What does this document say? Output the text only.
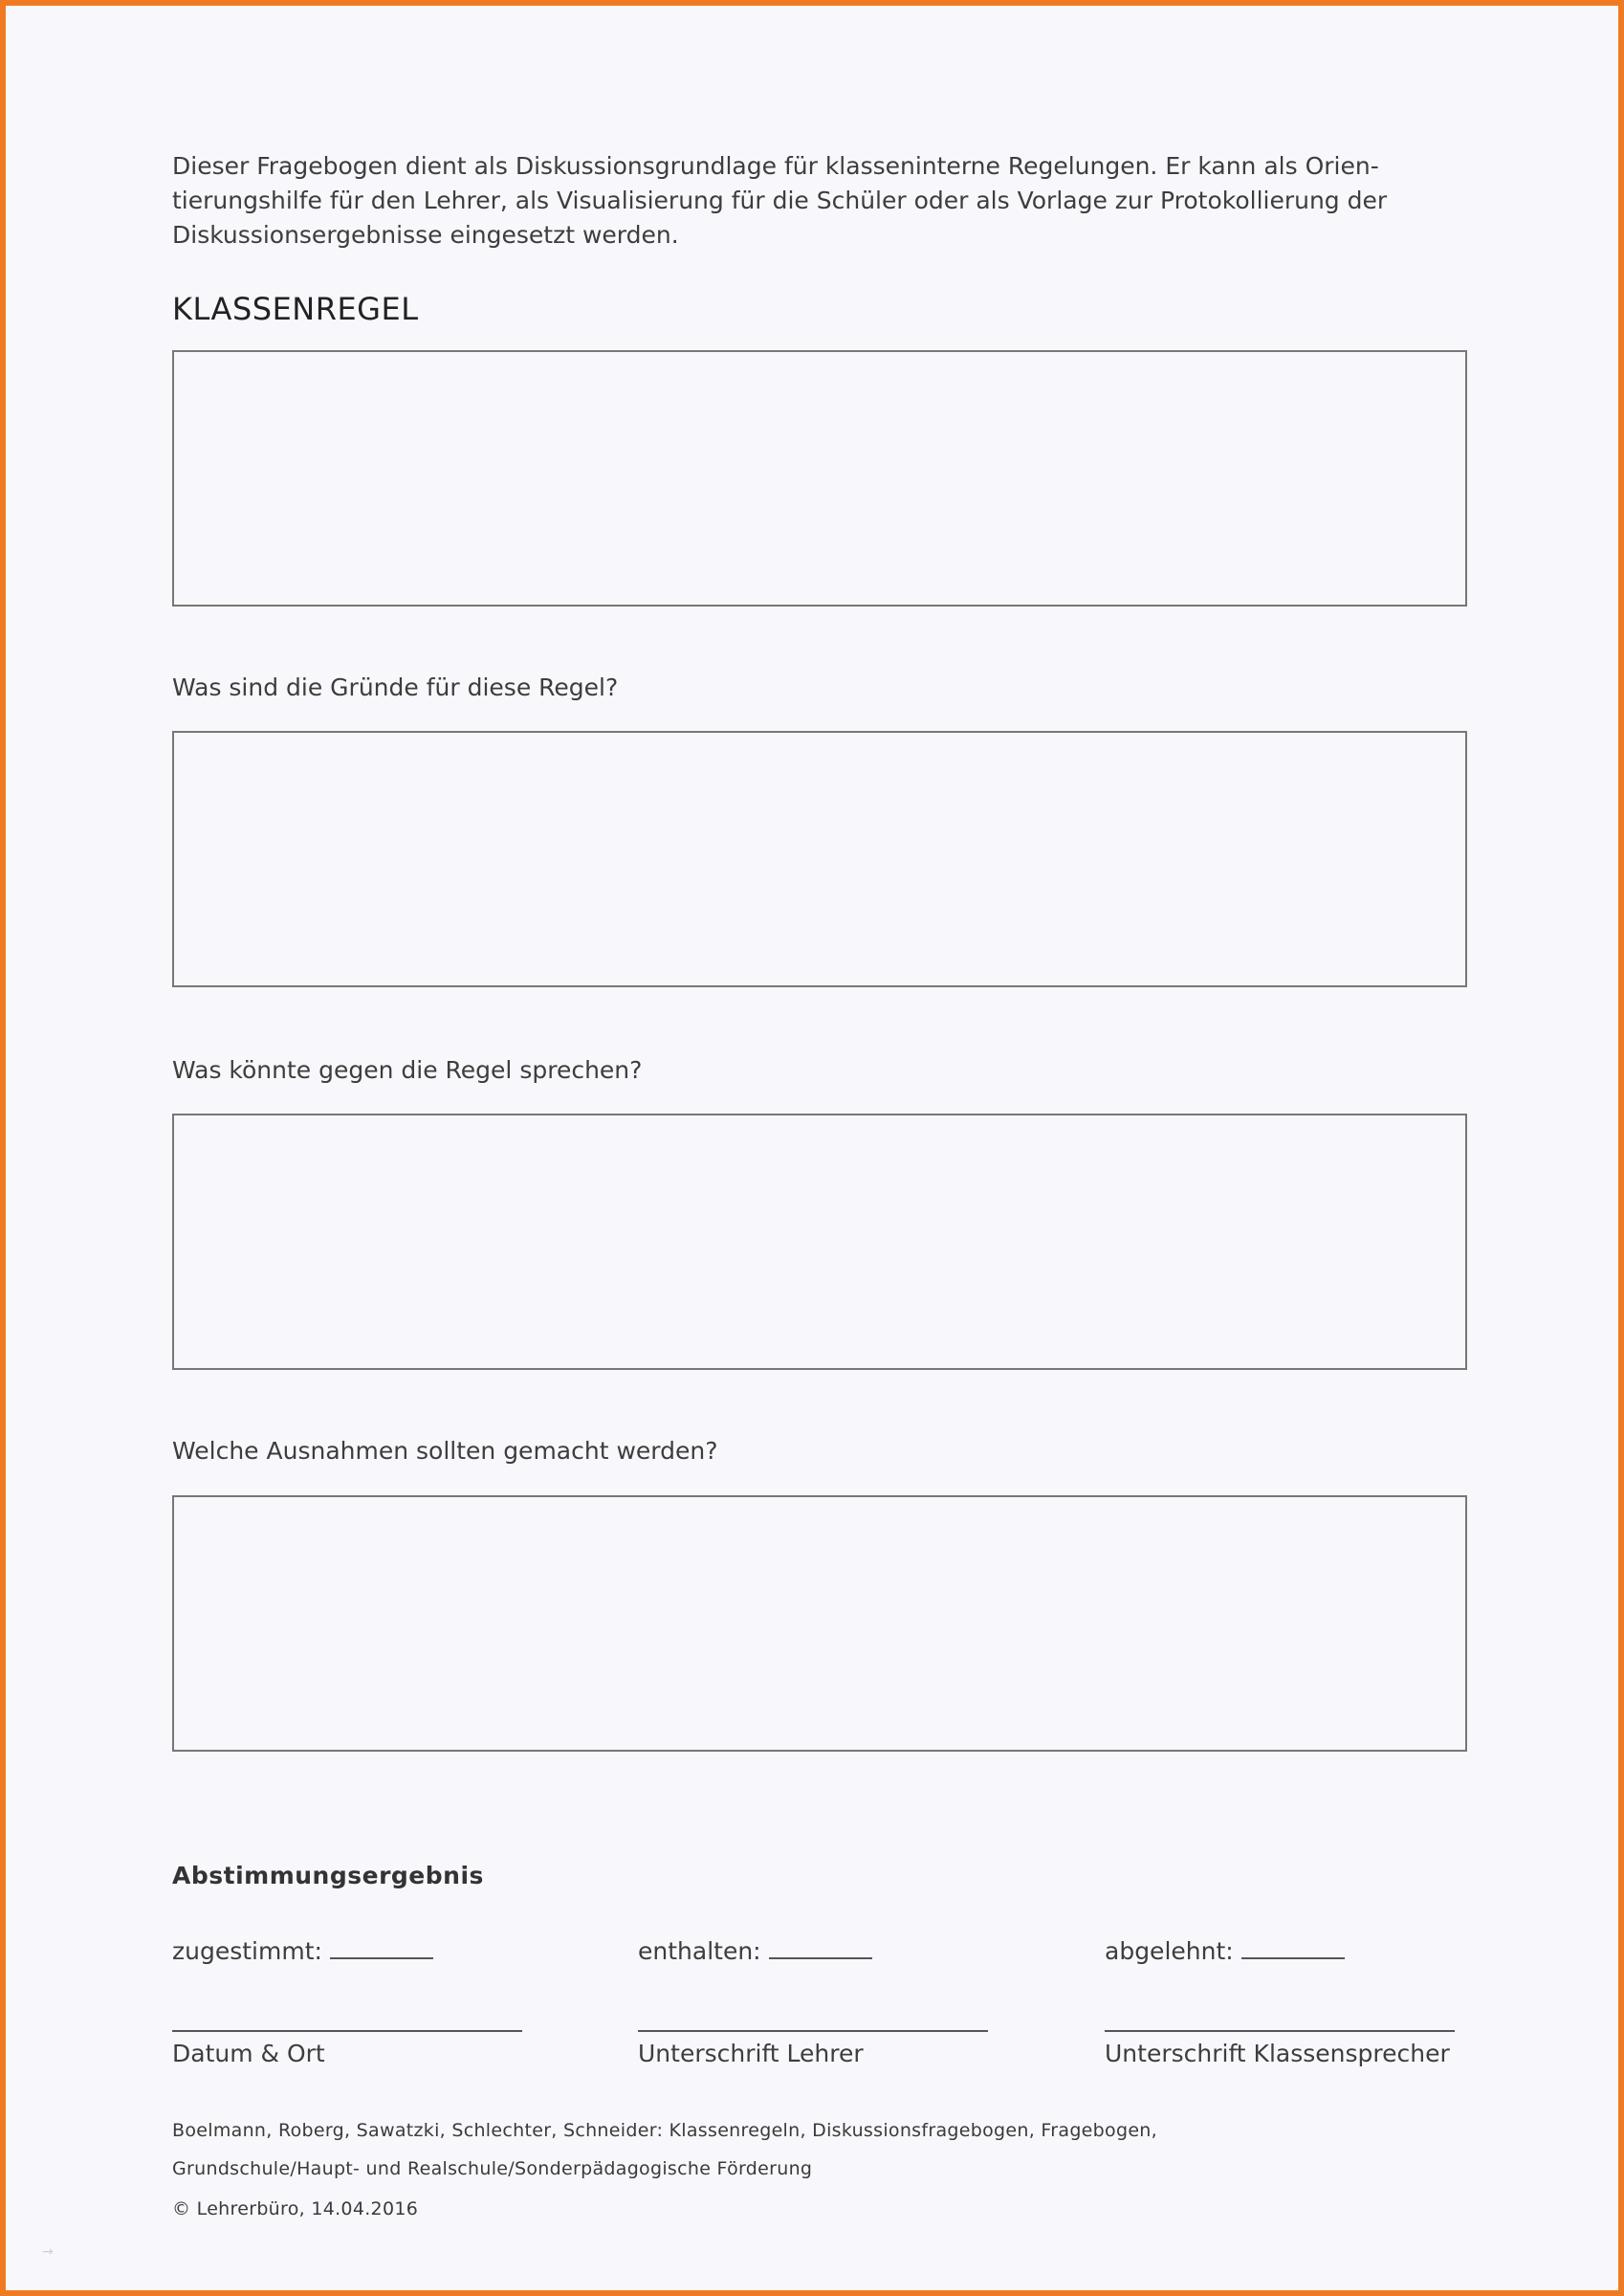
Dieser Fragebogen dient als Diskussionsgrundlage für klasseninterne Regelungen. Er kann als Orien-
tierungshilfe für den Lehrer, als Visualisierung für die Schüler oder als Vorlage zur Protokollierung der
Diskussionsergebnisse eingesetzt werden.
KLASSENREGEL

Was sind die Gründe für diese Regel?

Was könnte gegen die Regel sprechen?

Welche Ausnahmen sollten gemacht werden?

Abstimmungsergebnis

zugestimmt:	enthalten:	abgelehnt:

Datum & Ort	Unterschrift Lehrer	Unterschrift Klassensprecher

Boelmann, Roberg, Sawatzki, Schlechter, Schneider: Klassenregeln, Diskussionsfragebogen, Fragebogen,

Grundschule/Haupt- und Realschule/Sonderpädagogische Förderung

© Lehrerbüro, 14.04.2016

→
